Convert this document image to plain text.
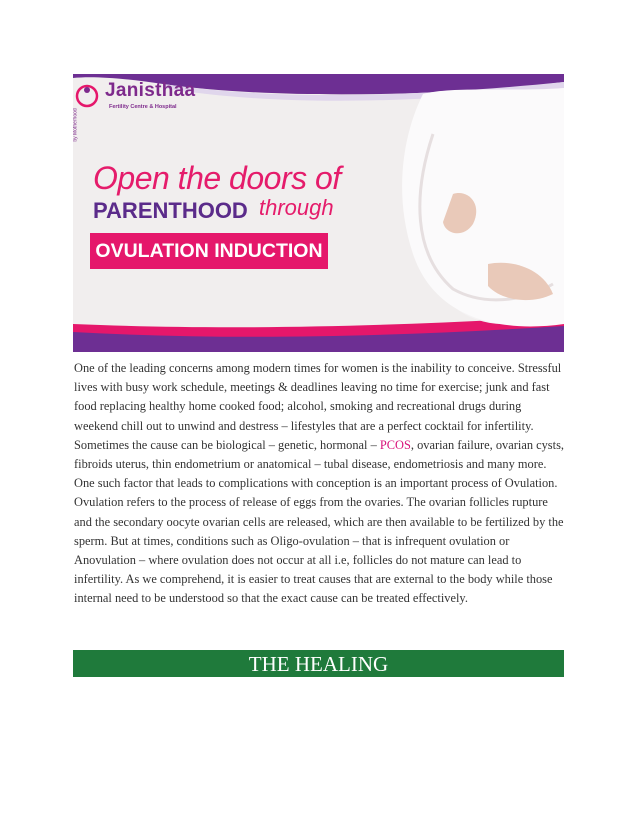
Janisthaa
Fertility Centre & Hospital
by Motherhood
Open the doors of
PARENTHOOD through
OVULATION INDUCTION

One of the leading concerns among modern times for women is the inability to conceive. Stressful lives with busy work schedule, meetings & deadlines leaving no time for exercise; junk and fast food replacing healthy home cooked food; alcohol, smoking and recreational drugs during weekend chill out to unwind and destress – lifestyles that are a perfect cocktail for infertility. Sometimes the cause can be biological – genetic, hormonal – PCOS, ovarian failure, ovarian cysts, fibroids uterus, thin endometrium or anatomical – tubal disease, endometriosis and many more.

One such factor that leads to complications with conception is an important process of Ovulation. Ovulation refers to the process of release of eggs from the ovaries. The ovarian follicles rupture and the secondary oocyte ovarian cells are released, which are then available to be fertilized by the sperm. But at times, conditions such as Oligo-ovulation – that is infrequent ovulation or Anovulation – where ovulation does not occur at all i.e, follicles do not mature can lead to infertility. As we comprehend, it is easier to treat causes that are external to the body while those internal need to be understood so that the exact cause can be treated effectively.

THE HEALING
